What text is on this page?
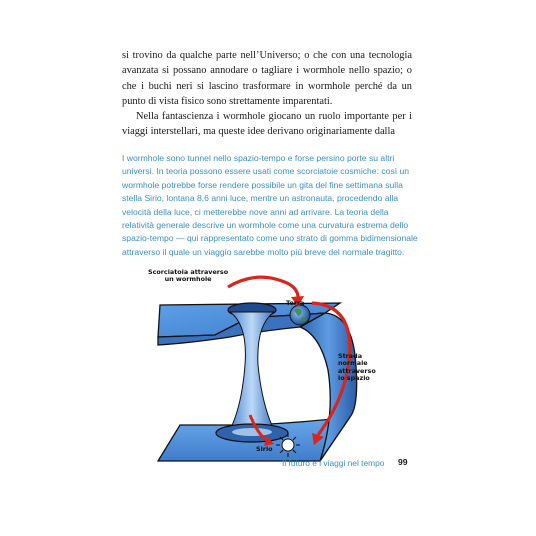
si trovino da qualche parte nell’Universo; o che con una tecnologia avanzata si possano annodare o tagliare i wormhole nello spazio; o che i buchi neri si lascino trasformare in wormhole perché da un punto di vista fisico sono strettamente imparentati.

Nella fantascienza i wormhole giocano un ruolo importante per i viaggi interstellari, ma queste idee derivano originariamente dalla

I wormhole sono tunnel nello spazio-tempo e forse persino porte su altri universi. In teoria possono essere usati come scorciatoie cosmiche: così un wormhole potrebbe forse rendere possibile un gita del fine settimana sulla stella Sirio, lontana 8,6 anni luce, mentre un astronauta, procedendo alla velocità della luce, ci metterebbe nove anni ad arrivare. La teoria della relatività generale descrive un wormhole come una curvatura estrema dello spazio-tempo — qui rappresentato come uno strato di gomma bidimensionale attraverso il quale un viaggio sarebbe molto più breve del normale tragitto.
Scorciatoia attraverso
un wormhole
Terra
Strada
normale
attraverso
lo spazio
Sirio
Il futuro e i viaggi nel tempo 99
